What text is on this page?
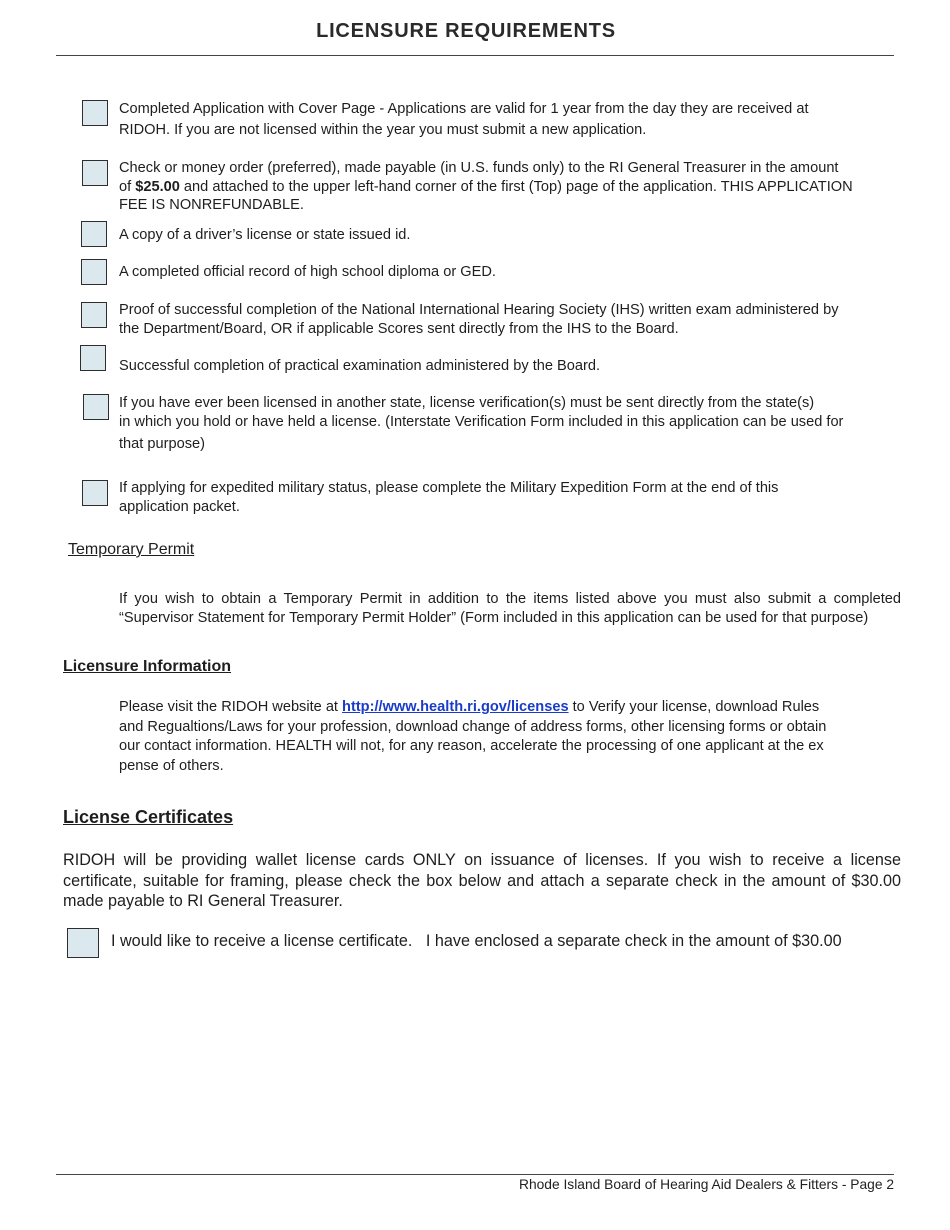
LICENSURE REQUIREMENTS

Completed Application with Cover Page - Applications are valid for 1 year from the day they are received at

RIDOH. If you are not licensed within the year you must submit a new application.

Check or money order (preferred), made payable (in U.S. funds only) to the RI General Treasurer in the amount

of $25.00 and attached to the upper left-hand corner of the first (Top) page of the application. THIS APPLICATION

FEE IS NONREFUNDABLE.

A copy of a driver’s license or state issued id.
A completed official record of high school diploma or GED.

Proof of successful completion of the National International Hearing Society (IHS) written exam administered by

the Department/Board, OR if applicable Scores sent directly from the IHS to the Board.

Successful completion of practical examination administered by the Board.

If you have ever been licensed in another state, license verification(s) must be sent directly from the state(s)

in which you hold or have held a license. (Interstate Verification Form included in this application can be used for

that purpose)

If applying for expedited military status, please complete the Military Expedition Form at the end of this

application packet.

Temporary Permit
If you wish to obtain a Temporary Permit in addition to the items listed above you must also submit a completed “Supervisor Statement for Temporary Permit Holder” (Form included in this application can be used for that purpose)
Licensure Information

Please visit the RIDOH website at http://www.health.ri.gov/licenses to Verify your license, download Rules

and Regualtions/Laws for your profession, download change of address forms, other licensing forms or obtain

our contact information. HEALTH will not, for any reason, accelerate the processing of one applicant at the ex

pense of others.

License Certificates
RIDOH will be providing wallet license cards ONLY on issuance of licenses. If you wish to receive a license certificate, suitable for framing, please check the box below and attach a separate check in the amount of $30.00 made payable to RI General Treasurer.
I would like to receive a license certificate.   I have enclosed a separate check in the amount of $30.00
Rhode Island Board of Hearing Aid Dealers & Fitters - Page 2
